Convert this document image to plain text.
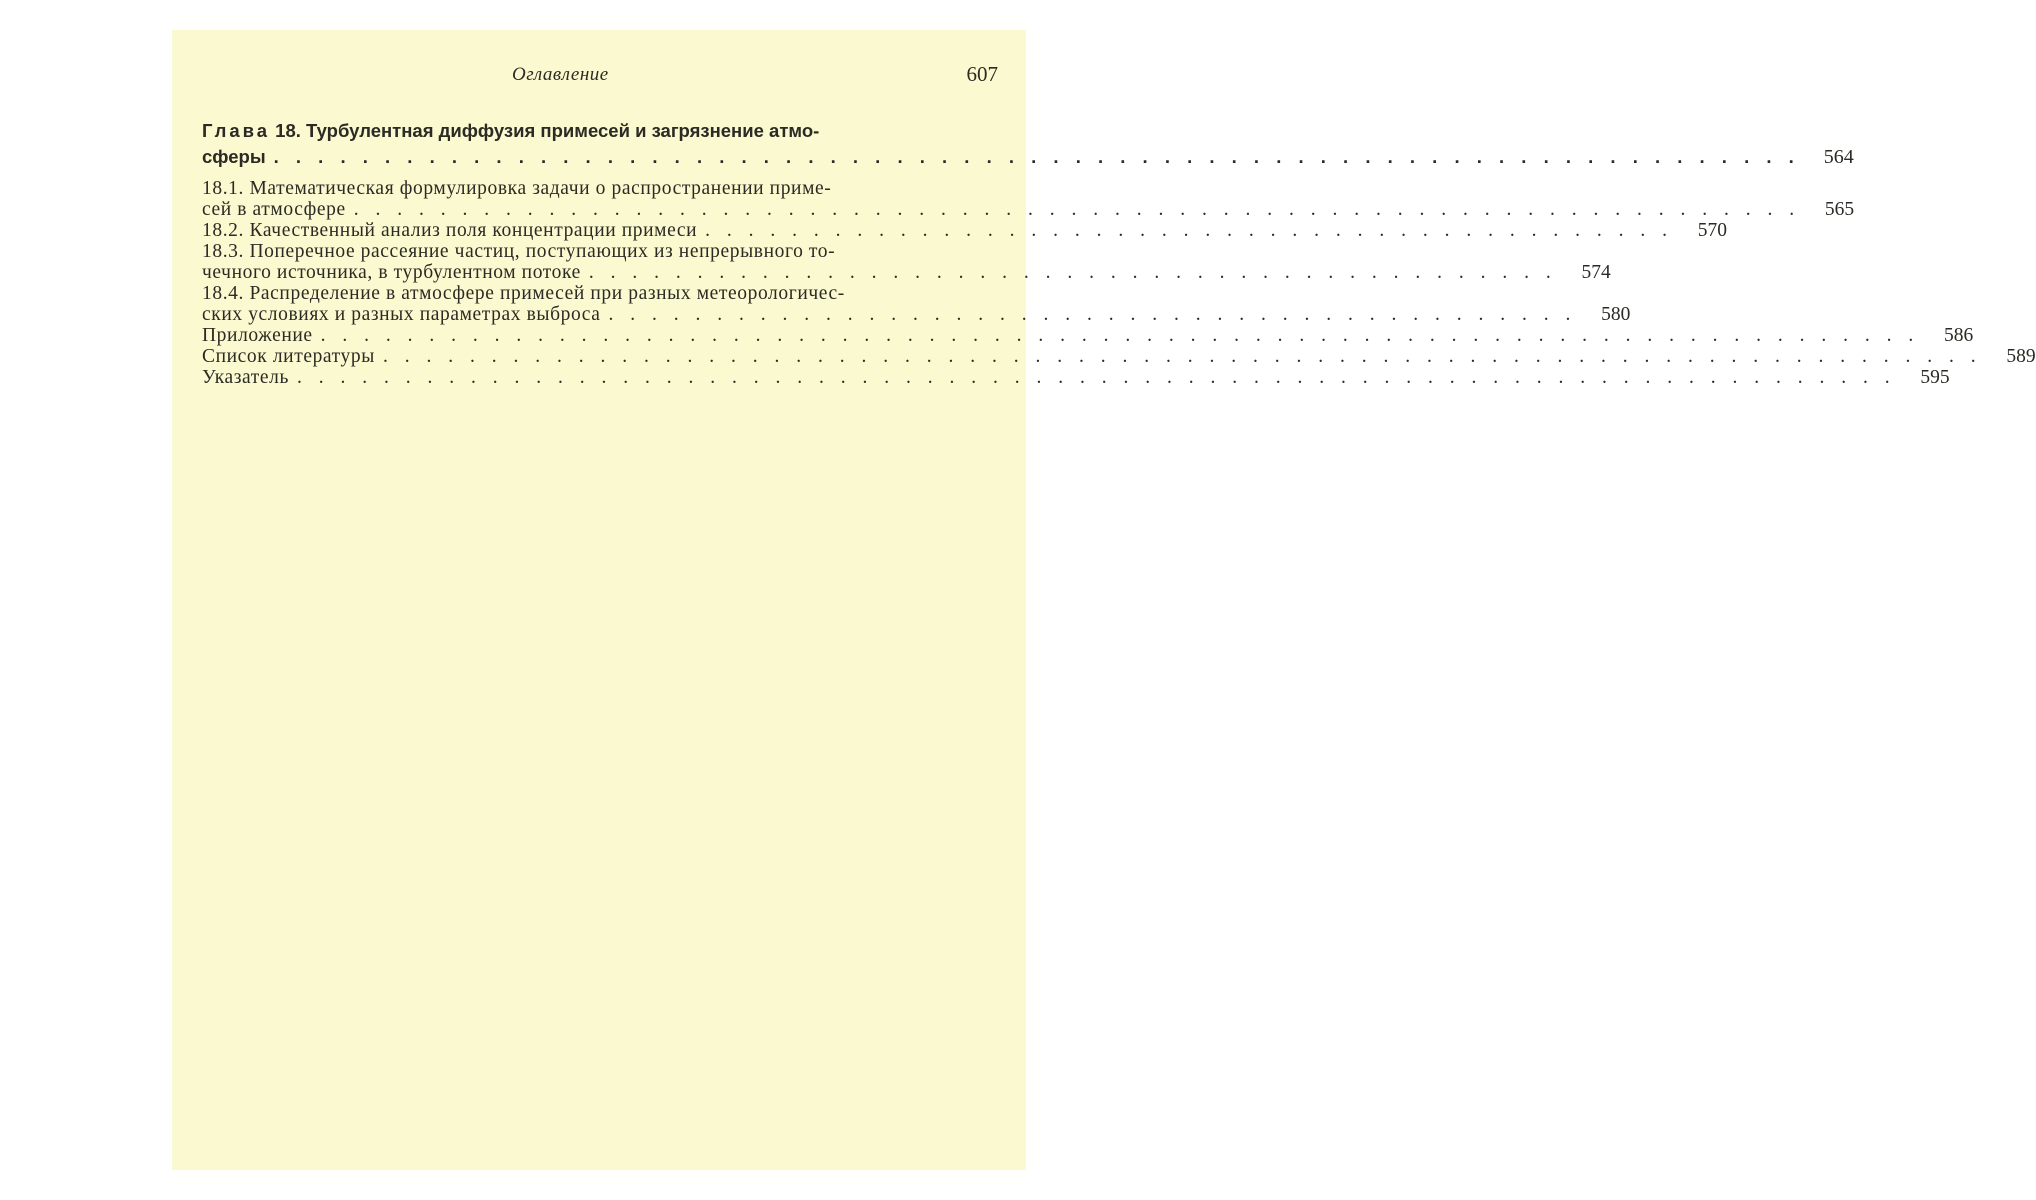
Оглавление	607
Глава 18. Турбулентная диффузия примесей и загрязнение атмо-
сферы . . . . . . . . . . . . . . . . . . . . . . . . . . . . . . . . . . . . . . . . . . . . . . . . . . . . . . . . . . . . . . . . . . . . .	564
18.1. Математическая формулировка задачи о распространении приме-
сей в атмосфере . . . . . . . . . . . . . . . . . . . . . . . . . . . . . . . . . . . . . . . . . . . . . . . . . . . . . . . . . . . . . . . . . . .	565
18.2. Качественный анализ поля концентрации примеси . . . . . . . . . . . . . . . . . . . . . . . . . . . . . . . . . . . . . . . . . . . . .	570
18.3. Поперечное рассеяние частиц, поступающих из непрерывного то-
чечного источника, в турбулентном потоке . . . . . . . . . . . . . . . . . . . . . . . . . . . . . . . . . . . . . . . . . . . . .	574
18.4. Распределение в атмосфере примесей при разных метеорологичес-
ских условиях и разных параметрах выброса . . . . . . . . . . . . . . . . . . . . . . . . . . . . . . . . . . . . . . . . . . . . .	580
Приложение . . . . . . . . . . . . . . . . . . . . . . . . . . . . . . . . . . . . . . . . . . . . . . . . . . . . . . . . . . . . . . . . . . . . . . . . . .	586
Список литературы . . . . . . . . . . . . . . . . . . . . . . . . . . . . . . . . . . . . . . . . . . . . . . . . . . . . . . . . . . . . . . . . . . . . . . . . . .	589
Указатель . . . . . . . . . . . . . . . . . . . . . . . . . . . . . . . . . . . . . . . . . . . . . . . . . . . . . . . . . . . . . . . . . . . . . . . . . .	595
